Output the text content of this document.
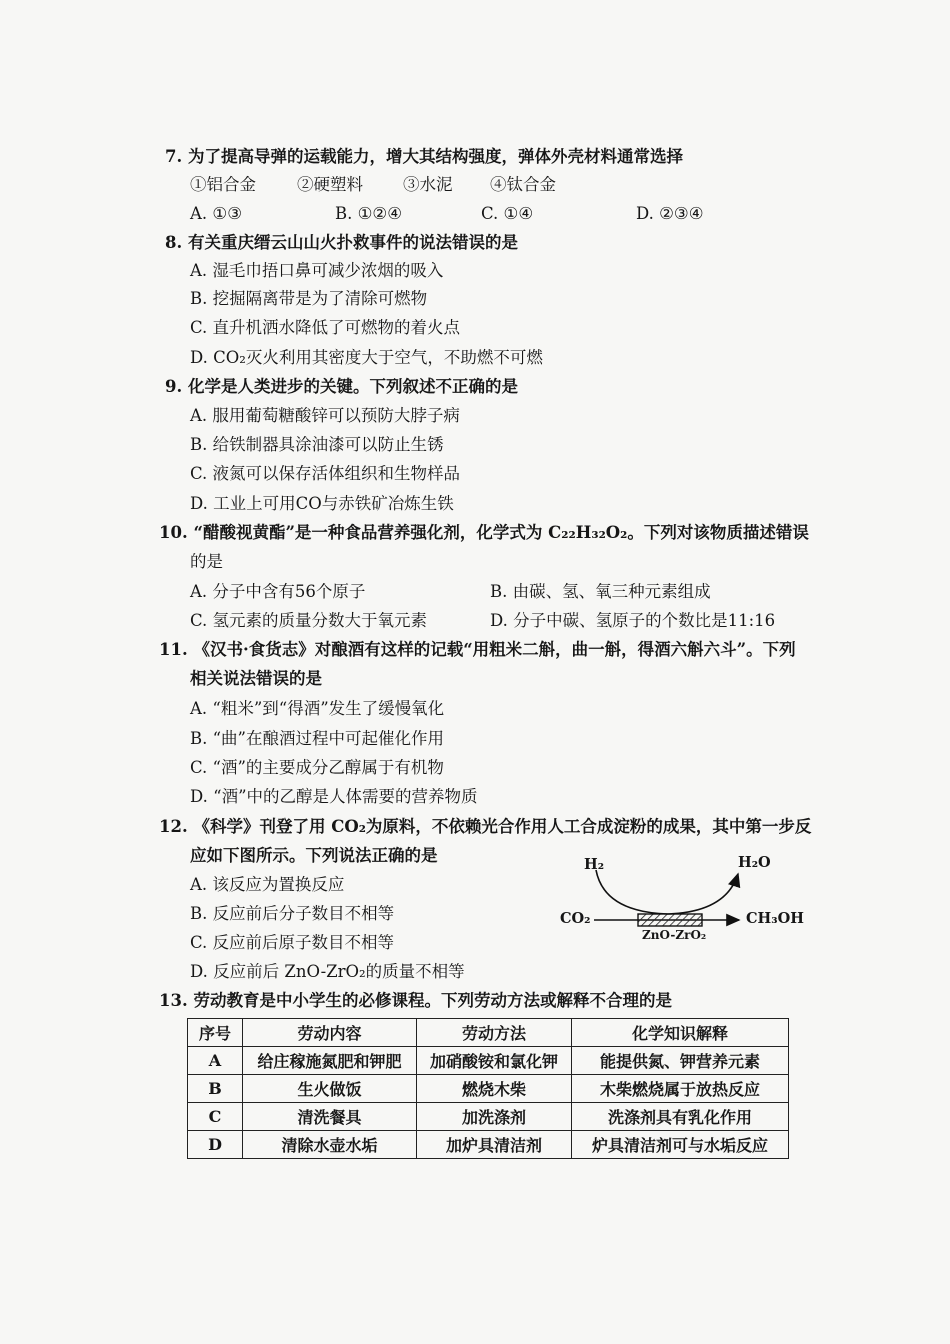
7. 为了提高导弹的运载能力，增大其结构强度，弹体外壳材料通常选择
①铝合金 ②硬塑料 ③水泥 ④钛合金
A. ①③	B. ①②④	C. ①④	D. ②③④
8. 有关重庆缙云山山火扑救事件的说法错误的是
A. 湿毛巾捂口鼻可减少浓烟的吸入
B. 挖掘隔离带是为了清除可燃物
C. 直升机洒水降低了可燃物的着火点
D. CO₂灭火利用其密度大于空气，不助燃不可燃
9. 化学是人类进步的关键。下列叙述不正确的是
A. 服用葡萄糖酸锌可以预防大脖子病
B. 给铁制器具涂油漆可以防止生锈
C. 液氮可以保存活体组织和生物样品
D. 工业上可用CO与赤铁矿冶炼生铁
10. “醋酸视黄酯”是一种食品营养强化剂，化学式为 C₂₂H₃₂O₂。下列对该物质描述错误
的是
A. 分子中含有56个原子	B. 由碳、氢、氧三种元素组成
C. 氢元素的质量分数大于氧元素	D. 分子中碳、氢原子的个数比是11:16
11. 《汉书·食货志》对酿酒有这样的记载“用粗米二斛，曲一斛，得酒六斛六斗”。下列
相关说法错误的是
A. “粗米”到“得酒”发生了缓慢氧化
B. “曲”在酿酒过程中可起催化作用
C. “酒”的主要成分乙醇属于有机物
D. “酒”中的乙醇是人体需要的营养物质
12. 《科学》刊登了用 CO₂为原料，不依赖光合作用人工合成淀粉的成果，其中第一步反
应如下图所示。下列说法正确的是
A. 该反应为置换反应
B. 反应前后分子数目不相等
C. 反应前后原子数目不相等
D. 反应前后 ZnO-ZrO₂的质量不相等
H₂	H₂O
CO₂	CH₃OH
ZnO-ZrO₂
13. 劳动教育是中小学生的必修课程。下列劳动方法或解释不合理的是
序号	劳动内容	劳动方法	化学知识解释
A	给庄稼施氮肥和钾肥	加硝酸铵和氯化钾	能提供氮、钾营养元素
B	生火做饭	燃烧木柴	木柴燃烧属于放热反应
C	清洗餐具	加洗涤剂	洗涤剂具有乳化作用
D	清除水壶水垢	加炉具清洁剂	炉具清洁剂可与水垢反应
